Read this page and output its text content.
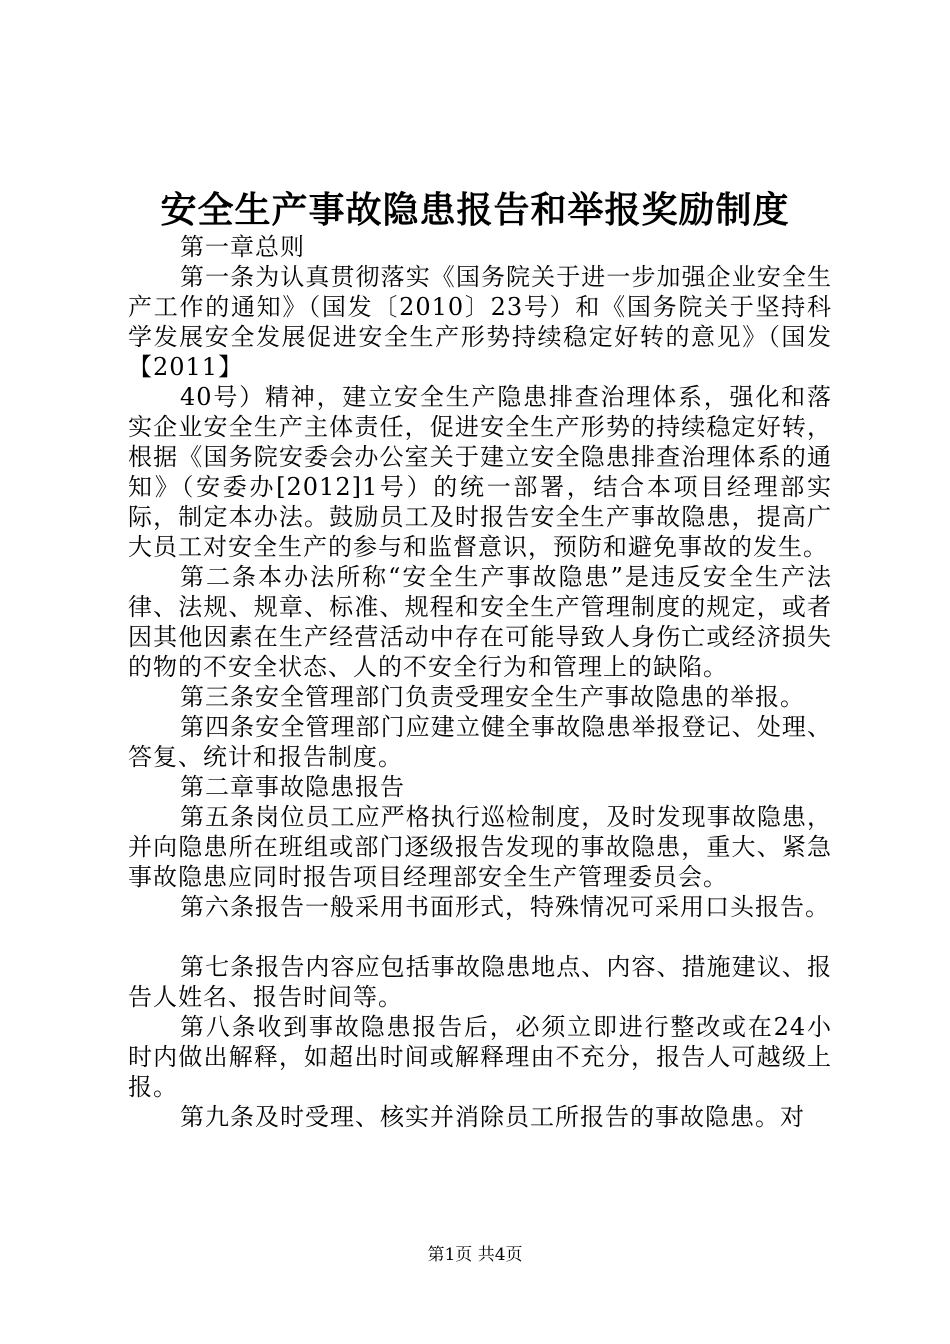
安全生产事故隐患报告和举报奖励制度

第一章总则

第一条为认真贯彻落实《国务院关于进一步加强企业安全生产工作的通知》（国发〔2010〕23号）和《国务院关于坚持科学发展安全发展促进安全生产形势持续稳定好转的意见》（国发【2011】

40号）精神，建立安全生产隐患排查治理体系，强化和落实企业安全生产主体责任，促进安全生产形势的持续稳定好转，根据《国务院安委会办公室关于建立安全隐患排查治理体系的通知》（安委办[2012]1号）的统一部署，结合本项目经理部实际，制定本办法。鼓励员工及时报告安全生产事故隐患，提高广大员工对安全生产的参与和监督意识，预防和避免事故的发生。

第二条本办法所称“安全生产事故隐患”是违反安全生产法律、法规、规章、标准、规程和安全生产管理制度的规定，或者因其他因素在生产经营活动中存在可能导致人身伤亡或经济损失的物的不安全状态、人的不安全行为和管理上的缺陷。

第三条安全管理部门负责受理安全生产事故隐患的举报。

第四条安全管理部门应建立健全事故隐患举报登记、处理、答复、统计和报告制度。

第二章事故隐患报告

第五条岗位员工应严格执行巡检制度，及时发现事故隐患，并向隐患所在班组或部门逐级报告发现的事故隐患，重大、紧急事故隐患应同时报告项目经理部安全生产管理委员会。

第六条报告一般采用书面形式，特殊情况可采用口头报告。

第七条报告内容应包括事故隐患地点、内容、措施建议、报告人姓名、报告时间等。

第八条收到事故隐患报告后，必须立即进行整改或在24小时内做出解释，如超出时间或解释理由不充分，报告人可越级上报。

第九条及时受理、核实并消除员工所报告的事故隐患。对

第1页 共4页
